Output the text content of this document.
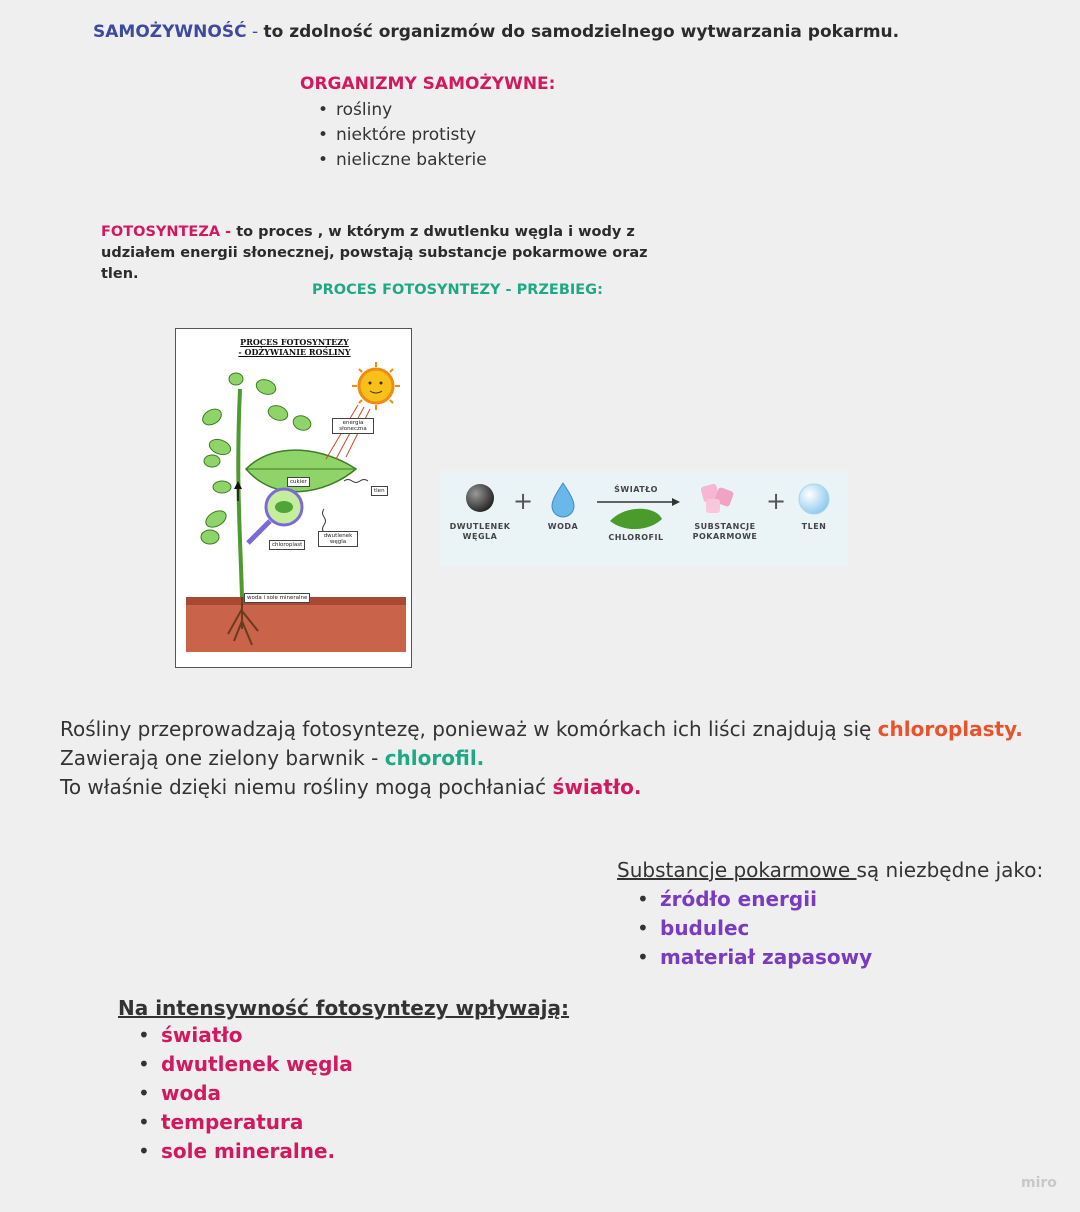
SAMOŻYWNOŚĆ - to zdolność organizmów do samodzielnego wytwarzania pokarmu.
ORGANIZMY SAMOŻYWNE:
• rośliny
• niektóre protisty
• nieliczne bakterie
FOTOSYNTEZA - to proces , w którym z dwutlenku węgla i wody z udziałem energii słonecznej, powstają substancje pokarmowe oraz tlen.
PROCES FOTOSYNTEZY - PRZEBIEG:
PROCES FOTOSYNTEZY
- ODŻYWIANIE ROŚLINY
energia słoneczna
cukier
tlen
dwutlenek węgla
chloroplast
woda i sole mineralne
+	+
DWUTLENEK WĘGLA
WODA
ŚWIATŁO
CHLOROFIL
SUBSTANCJE POKARMOWE
TLEN
Rośliny przeprowadzają fotosyntezę, ponieważ w komórkach ich liści znajdują się chloroplasty.
Zawierają one zielony barwnik - chlorofil.
To właśnie dzięki niemu rośliny mogą pochłaniać światło.
Substancje pokarmowe są niezbędne jako:
• źródło energii
• budulec
• materiał zapasowy
Na intensywność fotosyntezy wpływają:
• światło
• dwutlenek węgla
• woda
• temperatura
• sole mineralne.
miro
